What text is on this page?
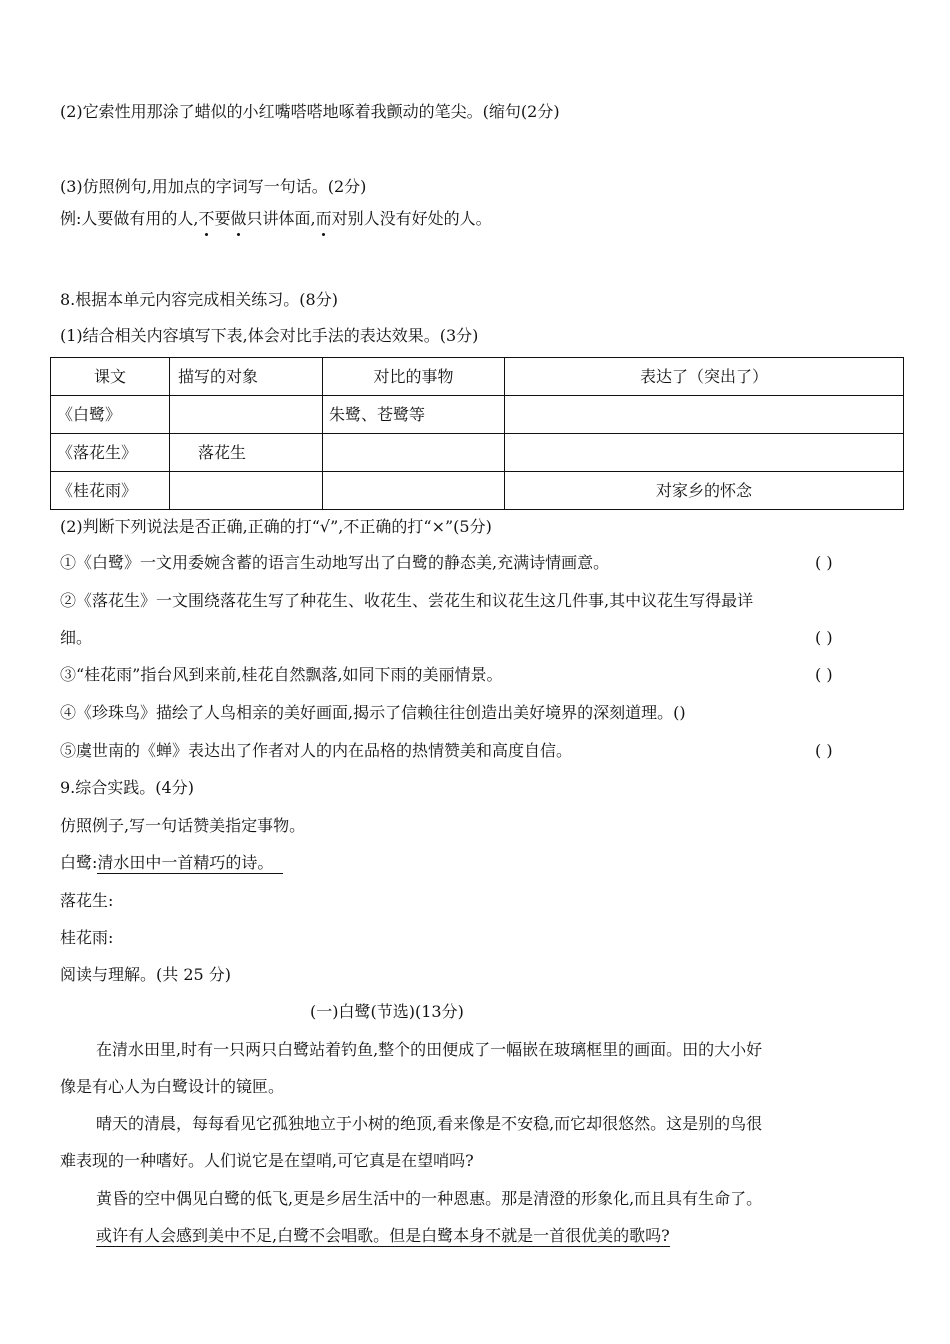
(2)它索性用那涂了蜡似的小红嘴嗒嗒地啄着我颤动的笔尖。(缩句(2分)
(3)仿照例句,用加点的字词写一句话。(2分)
例:人要做有用的人,不要做只讲体面,而对别人没有好处的人。
8.根据本单元内容完成相关练习。(8分)
(1)结合相关内容填写下表,体会对比手法的表达效果。(3分)
课文	描写的对象	对比的事物	表达了（突出了）
《白鹭》		朱鹭、苍鹭等	
《落花生》	落花生		
《桂花雨》			对家乡的怀念
(2)判断下列说法是否正确,正确的打“√”,不正确的打“×”(5分)
①《白鹭》一文用委婉含蓄的语言生动地写出了白鹭的静态美,充满诗情画意。	( )
②《落花生》一文围绕落花生写了种花生、收花生、尝花生和议花生这几件事,其中议花生写得最详
细。	( )
③“桂花雨”指台风到来前,桂花自然飘落,如同下雨的美丽情景。	( )
④《珍珠鸟》描绘了人鸟相亲的美好画面,揭示了信赖往往创造出美好境界的深刻道理。()
⑤虞世南的《蝉》表达出了作者对人的内在品格的热情赞美和高度自信。	( )
9.综合实践。(4分)
仿照例子,写一句话赞美指定事物。
白鹭:清水田中一首精巧的诗。
落花生:
桂花雨:
阅读与理解。(共 25 分)
(一)白鹭(节选)(13分)
在清水田里,时有一只两只白鹭站着钓鱼,整个的田便成了一幅嵌在玻璃框里的画面。田的大小好
像是有心人为白鹭设计的镜匣。
晴天的清晨，每每看见它孤独地立于小树的绝顶,看来像是不安稳,而它却很悠然。这是别的鸟很
难表现的一种嗜好。人们说它是在望哨,可它真是在望哨吗?
黄昏的空中偶见白鹭的低飞,更是乡居生活中的一种恩惠。那是清澄的形象化,而且具有生命了。
或许有人会感到美中不足,白鹭不会唱歌。但是白鹭本身不就是一首很优美的歌吗?
